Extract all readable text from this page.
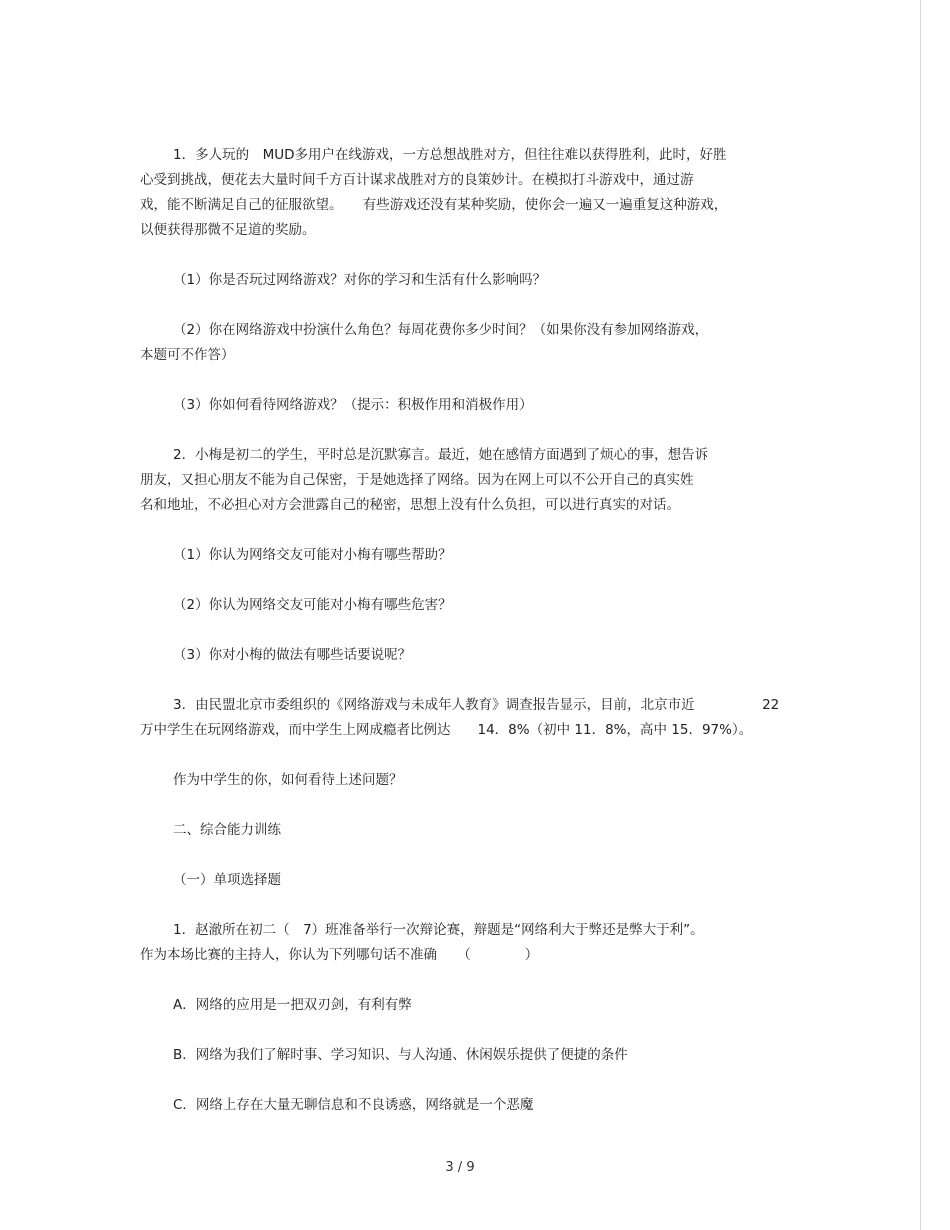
1．多人玩的　MUD多用户在线游戏，一方总想战胜对方，但往往难以获得胜利，此时，好胜

心受到挑战，便花去大量时间千方百计谋求战胜对方的良策妙计。在模拟打斗游戏中，通过游

戏，能不断满足自己的征服欲望。　　有些游戏还没有某种奖励，使你会一遍又一遍重复这种游戏，

以便获得那微不足道的奖励。

（1）你是否玩过网络游戏？对你的学习和生活有什么影响吗？

（2）你在网络游戏中扮演什么角色？每周花费你多少时间？（如果你没有参加网络游戏，

本题可不作答）

（3）你如何看待网络游戏？（提示：积极作用和消极作用）

2．小梅是初二的学生，平时总是沉默寡言。最近，她在感情方面遇到了烦心的事，想告诉

朋友，又担心朋友不能为自己保密，于是她选择了网络。因为在网上可以不公开自己的真实姓

名和地址，不必担心对方会泄露自己的秘密，思想上没有什么负担，可以进行真实的对话。

（1）你认为网络交友可能对小梅有哪些帮助？

（2）你认为网络交友可能对小梅有哪些危害？

（3）你对小梅的做法有哪些话要说呢？

3．由民盟北京市委组织的《网络游戏与未成年人教育》调查报告显示，目前，北京市近　　　　　22

万中学生在玩网络游戏，而中学生上网成瘾者比例达　　14．8%（初中 11．8%，高中 15．97%）。

作为中学生的你，如何看待上述问题？

二、综合能力训练

（一）单项选择题

1．赵澈所在初二（　7）班准备举行一次辩论赛，辩题是“网络利大于弊还是弊大于利”。

作为本场比赛的主持人，你认为下列哪句话不准确　　（　　　　）

A．网络的应用是一把双刃剑，有利有弊

B．网络为我们了解时事、学习知识、与人沟通、休闲娱乐提供了便捷的条件

C．网络上存在大量无聊信息和不良诱惑，网络就是一个恶魔

3 / 9
